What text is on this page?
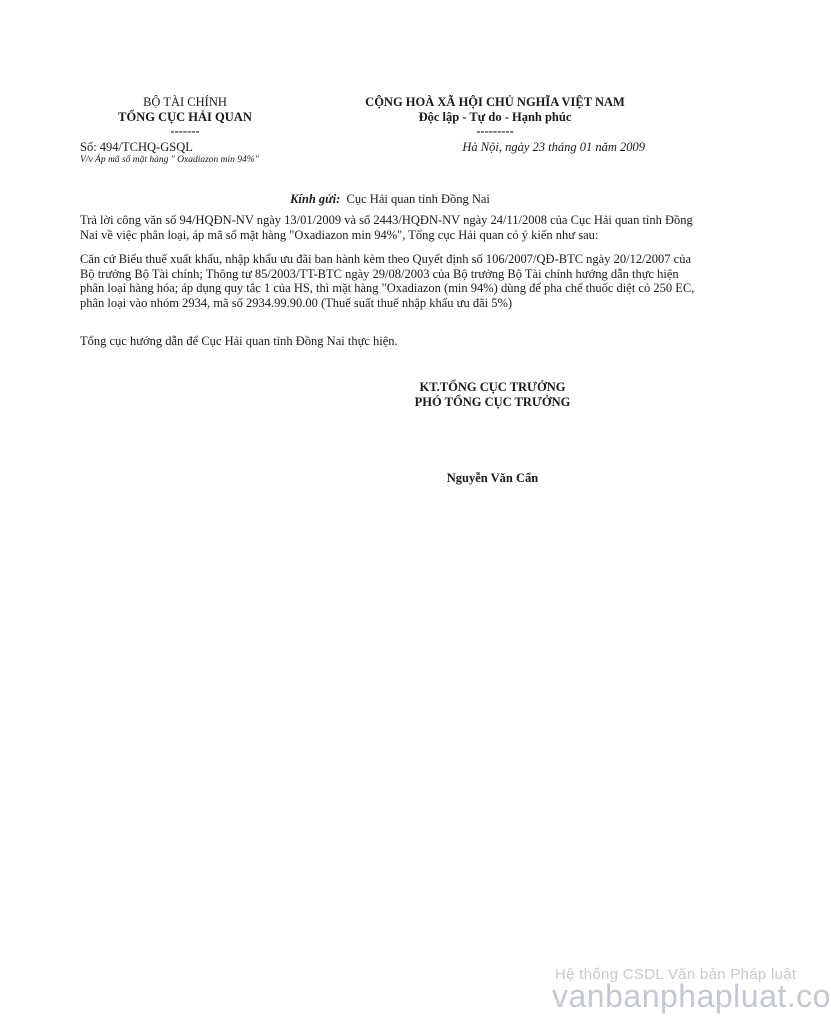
BỘ TÀI CHÍNH
TỔNG CỤC HẢI QUAN
-------
Số: 494/TCHQ-GSQL
V/v Áp mã số mặt hàng " Oxadiazon min 94%"
CỘNG HOÀ XÃ HỘI CHỦ NGHĨA VIỆT NAM
Độc lập - Tự do - Hạnh phúc
---------
Hà Nội, ngày 23 tháng 01 năm 2009
Kính gửi: Cục Hải quan tỉnh Đồng Nai
Trả lời công văn số 94/HQĐN-NV ngày 13/01/2009 và số 2443/HQĐN-NV ngày 24/11/2008 của Cục Hải quan tỉnh Đồng Nai về việc phân loại, áp mã số mặt hàng "Oxadiazon min 94%", Tổng cục Hải quan có ý kiến như sau:
Căn cứ Biểu thuế xuất khẩu, nhập khẩu ưu đãi ban hành kèm theo Quyết định số 106/2007/QĐ-BTC ngày 20/12/2007 của Bộ trưởng Bộ Tài chính; Thông tư 85/2003/TT-BTC ngày 29/08/2003 của Bộ trưởng Bộ Tài chính hướng dẫn thực hiện phân loại hàng hóa; áp dụng quy tắc 1 của HS, thì mặt hàng "Oxadiazon (min 94%) dùng để pha chế thuốc diệt cỏ 250 EC, phân loại vào nhóm 2934, mã số 2934.99.90.00 (Thuế suất thuế nhập khẩu ưu đãi 5%)
Tổng cục hướng dẫn để Cục Hải quan tỉnh Đồng Nai thực hiện.
KT.TỔNG CỤC TRƯỞNG
PHÓ TỔNG CỤC TRƯỞNG
Nguyễn Văn Cẩn
Hệ thống CSDL Văn bản Pháp luật
vanbanphapluat.co
